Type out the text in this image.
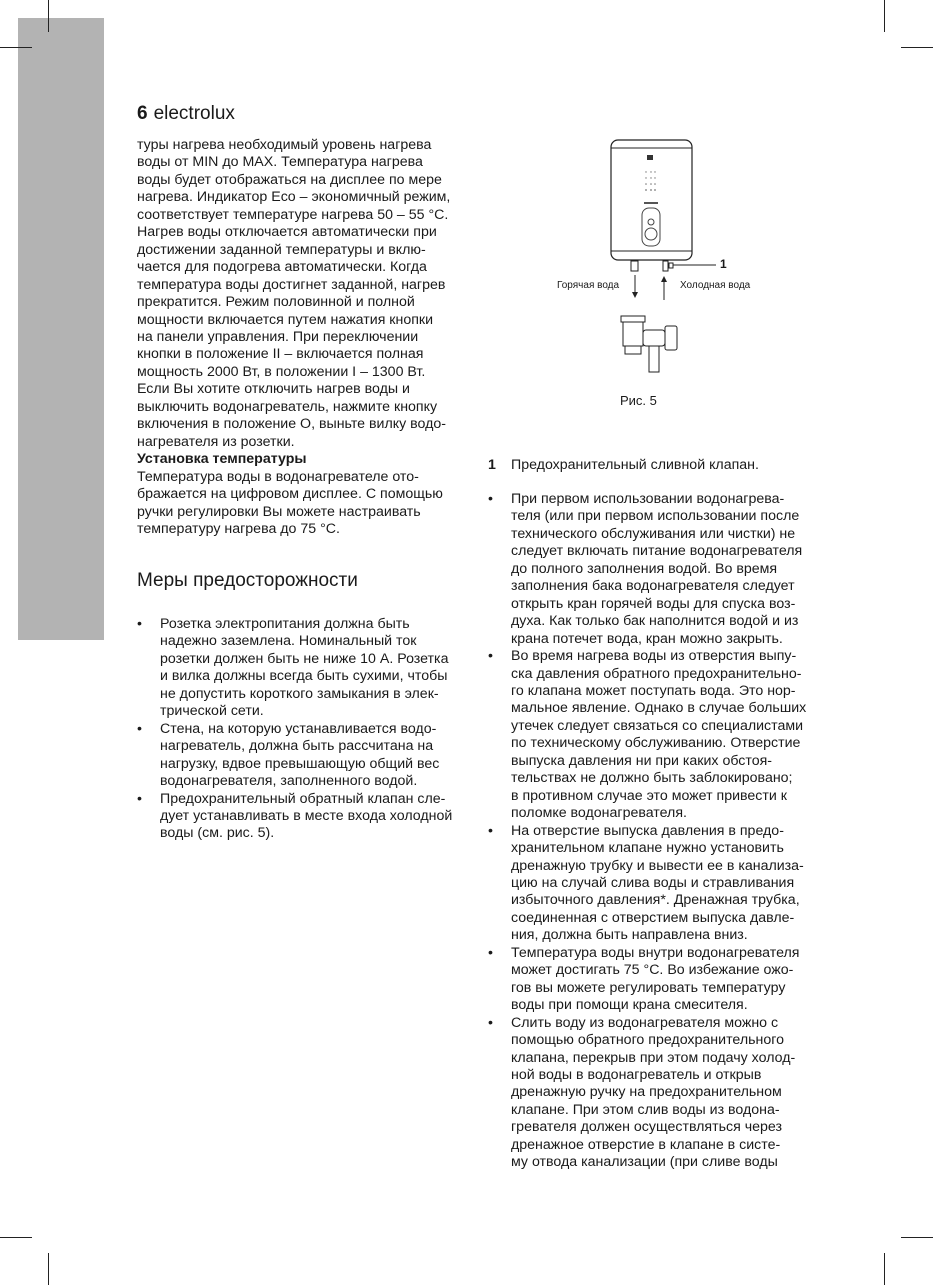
6 electrolux
туры нагрева необходимый уровень нагрева
воды от MIN до MAX. Температура нагрева
воды будет отображаться на дисплее по мере
нагрева. Индикатор Eco – экономичный режим,
соответствует температуре нагрева 50 – 55 °C.
Нагрев воды отключается автоматически при
достижении заданной температуры и вклю-
чается для подогрева автоматически. Когда
температура воды достигнет заданной, нагрев
прекратится. Режим половинной и полной
мощности включается путем нажатия кнопки
на панели управления. При переключении
кнопки в положение II – включается полная
мощность 2000 Вт, в положении I – 1300 Вт.
Если Вы хотите отключить нагрев воды и
выключить водонагреватель, нажмите кнопку
включения в положение O, выньте вилку водо-
нагревателя из розетки.
Установка температуры
Температура воды в водонагревателе ото-
бражается на цифровом дисплее. С помощью
ручки регулировки Вы можете настраивать
температуру нагрева до 75 °C.
Меры предосторожности
• Розетка электропитания должна быть
надежно заземлена. Номинальный ток
розетки должен быть не ниже 10 А. Розетка
и вилка должны всегда быть сухими, чтобы
не допустить короткого замыкания в элек-
трической сети.
• Стена, на которую устанавливается водо-
нагреватель, должна быть рассчитана на
нагрузку, вдвое превышающую общий вес
водонагревателя, заполненного водой.
• Предохранительный обратный клапан сле-
дует устанавливать в месте входа холодной
воды (см. рис. 5).
Горячая вода	Холодная вода
1
Рис. 5
1 Предохранительный сливной клапан.
• При первом использовании водонагрева-
теля (или при первом использовании после
технического обслуживания или чистки) не
следует включать питание водонагревателя
до полного заполнения водой. Во время
заполнения бака водонагревателя следует
открыть кран горячей воды для спуска воз-
духа. Как только бак наполнится водой и из
крана потечет вода, кран можно закрыть.
• Во время нагрева воды из отверстия выпу-
ска давления обратного предохранительно-
го клапана может поступать вода. Это нор-
мальное явление. Однако в случае больших
утечек следует связаться со специалистами
по техническому обслуживанию. Отверстие
выпуска давления ни при каких обстоя-
тельствах не должно быть заблокировано;
в противном случае это может привести к
поломке водонагревателя.
• На отверстие выпуска давления в предо-
хранительном клапане нужно установить
дренажную трубку и вывести ее в канализа-
цию на случай слива воды и стравливания
избыточного давления*. Дренажная трубка,
соединенная с отверстием выпуска давле-
ния, должна быть направлена вниз.
• Температура воды внутри водонагревателя
может достигать 75 °C. Во избежание ожо-
гов вы можете регулировать температуру
воды при помощи крана смесителя.
• Слить воду из водонагревателя можно с
помощью обратного предохранительного
клапана, перекрыв при этом подачу холод-
ной воды в водонагреватель и открыв
дренажную ручку на предохранительном
клапане. При этом слив воды из водона-
гревателя должен осуществляться через
дренажное отверстие в клапане в систе-
му отвода канализации (при сливе воды
